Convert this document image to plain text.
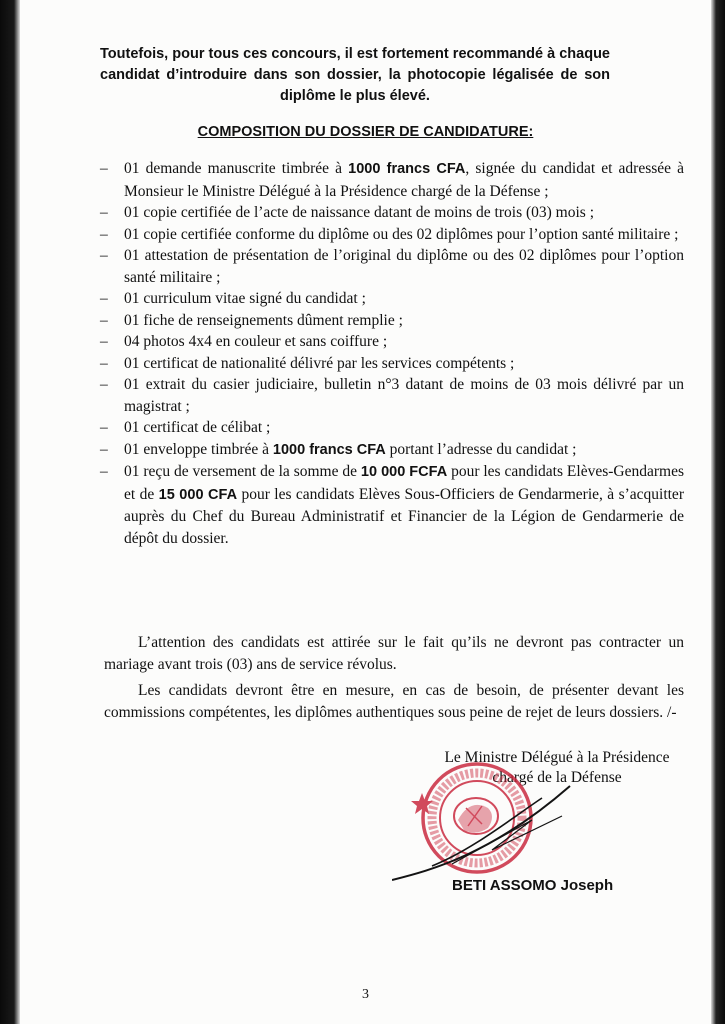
Toutefois, pour tous ces concours, il est fortement recommandé à chaque candidat d’introduire dans son dossier, la photocopie légalisée de son diplôme le plus élevé.
COMPOSITION DU DOSSIER DE CANDIDATURE:
– 01 demande manuscrite timbrée à 1000 francs CFA, signée du candidat et adressée à Monsieur le Ministre Délégué à la Présidence chargé de la Défense ;
– 01 copie certifiée de l’acte de naissance datant de moins de trois (03) mois ;
– 01 copie certifiée conforme du diplôme ou des 02 diplômes pour l’option santé militaire ;
– 01 attestation de présentation de l’original du diplôme ou des 02 diplômes pour l’option santé militaire ;
– 01 curriculum vitae signé du candidat ;
– 01 fiche de renseignements dûment remplie ;
– 04 photos 4x4 en couleur et sans coiffure ;
– 01 certificat de nationalité délivré par les services compétents ;
– 01 extrait du casier judiciaire, bulletin n°3 datant de moins de 03 mois délivré par un magistrat ;
– 01 certificat de célibat ;
– 01 enveloppe timbrée à 1000 francs CFA portant l’adresse du candidat ;
– 01 reçu de versement de la somme de 10 000 FCFA pour les candidats Elèves-Gendarmes et de 15 000 CFA pour les candidats Elèves Sous-Officiers de Gendarmerie, à s’acquitter auprès du Chef du Bureau Administratif et Financier de la Légion de Gendarmerie de dépôt du dossier.

L’attention des candidats est attirée sur le fait qu’ils ne devront pas contracter un mariage avant trois (03) ans de service révolus.

Les candidats devront être en mesure, en cas de besoin, de présenter devant les commissions compétentes, les diplômes authentiques sous peine de rejet de leurs dossiers. /-

Le Ministre Délégué à la Présidence
chargé de la Défense
BETI ASSOMO Joseph
3
